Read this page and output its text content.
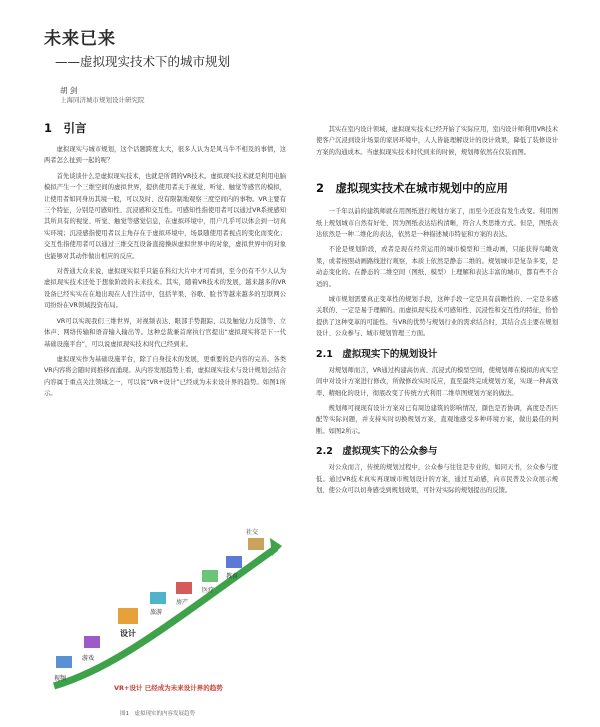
未来已来
——虚拟现实技术下的城市规划
胡 剑
上海同济城市规划设计研究院
1　引言

虚拟现实与城市规划，这个话题跨度太大，很多人认为是风马牛不相及的事情，这两者怎么扯到一起的呢？

首先谈谈什么是虚拟现实技术，也就是所谓的VR技术。虚拟现实技术就是利用电脑模拟产生一个三维空间的虚拟世界，提供使用者关于视觉、听觉、触觉等感官的模拟，让使用者如同身历其境一般，可以及时、没有限制地观察三度空间内的事物。VR主要有三个特征，分别是可感知性、沉浸感和交互性。可感知性指使用者可以通过VR系统感知其所具有的视觉、听觉、触觉等感觉信息，在虚拟环境中，用户几乎可以体会到一切真实环境；沉浸感指使用者以主角存在于虚拟环境中，场景随使用者视点的变化而变化；交互性指使用者可以通过三维交互设备直接操纵虚拟世界中的对象，虚拟世界中的对象也能够对其动作做出相应的反应。

对普通大众来说，虚拟现实似乎只能在科幻大片中才可看到，至今仍有不少人认为虚拟现实技术还处于想象阶段的未来技术。其实，随着VR技术的发展，越来越多的VR设备已经实实在在地出现在人们生活中，包括苹果、谷歌、脸书等越来越多的互联网公司纷纷在VR领域投资布局。

VR可以实现我们三维世界，对视频表达、眼部手势跟踪，以及触觉/力反馈等、立体声、网络传输和语音输入输出等。这种总裁兼首席执行官提出“虚拟现实将是下一代基础设施平台”，可以说虚拟现实技术时代已经到来。

虚拟现实作为基础设施平台，除了自身技术的发展，更重要的是内容的完善。各类VR内容将会随时间推移而涌现。从内容发展趋势上看，虚拟现实技术与设计规划会结合内容属于重点关注领域之一，可以说“VR+设计”已经成为未来设计界的趋势。如图1所示。

视频
游戏
设计
旅游
房产
医疗
教育
社交
VR+设计 已经成为未来设计界的趋势
图1　虚拟现实的内容发展趋势

其实在室内设计领域，虚拟现实技术已经开始了实际应用，室内设计师利用VR技术使客户沉浸到设计场景的家居环境中，人人皆能理解设计的设计效果，降低了装修设计方案的沟通成本。当虚拟现实技术时代到来的时候，规划师依然在仪装而图。

2　虚拟现实技术在城市规划中的应用

一千年以前的建筑师就在用图纸进行规划方案了，而至今还没有发生改变。利用图纸上规划城市自然有好处，因为图纸表达结构清晰，符合人类思维方式。但是，图纸表达依然是一种二维化的表达，依然是一种描述城市特征和方案的表达。

不论是规划阶段，或者是现在经常运用的城市模型和三维动画，只能获得鸟瞰效果，或者按照动画路线进行观察，本质上依然是静态二维的。规划城市是复杂多变，是动态变化的。在静态的二维空间（图纸、模型）上理解和表达丰富的城市，都有些不合适的。

城市规划需要真正变革性的规划手段，这种手段一定是具有前瞻性的、一定是多感关联的、一定是易于理解的。而虚拟现实技术可感知性、沉浸性和交互性的特征，恰恰提供了这种变革的可能性。当VR的优势与规划行业的需求结合时，其结合点主要在规划设计、公众参与、城市规划管理三方面。

2.1　虚拟现实下的规划设计

对规划师而言，VR通过构建高仿真、沉浸式的模型空间，使规划师在模拟的真实空间中对设计方案进行修改，所做修改实时反应，直至最终完成规划方案，实现一种高效率、精细化的设计，彻底改变了传统方式利用二维草图规划方案的做法。

规划师可视现有设计方案对已有周边建筑的影响情况，颜色是否协调，高度是否匹配等实际问题，并支持实时切换规划方案，直观地感受多种环境方案，做出最佳的判断。如图2所示。

2.2　虚拟现实下的公众参与

对公众而言，传统的规划过程中，公众参与往往是专业的，如同天书，公众参与度低。通过VR技术真实再现城市规划设计的方案，通过互动感，向市民普及公众展示规划，使公众可以切身感受到规划效果，可针对实际的规划提出的反馈。
